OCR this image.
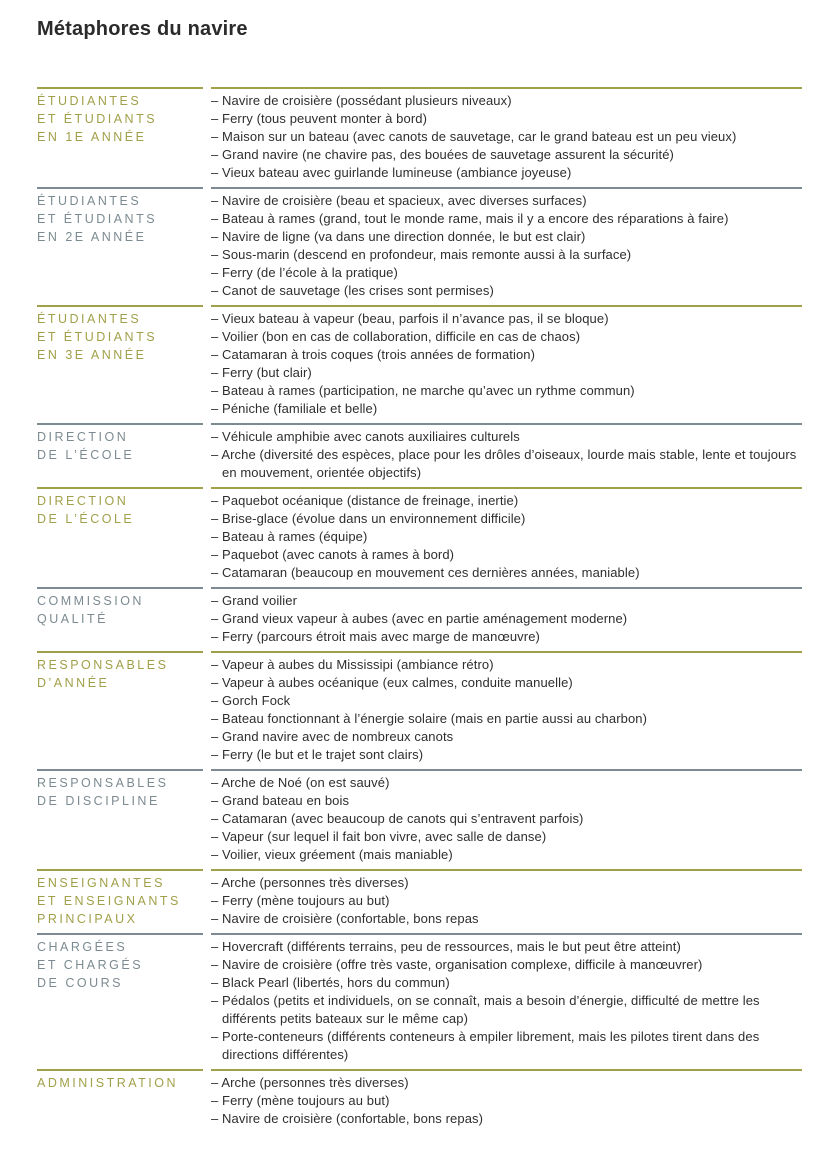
Métaphores du navire
ÉTUDIANTES
ET ÉTUDIANTS
EN 1E ANNÉE
– Navire de croisière (possédant plusieurs niveaux)
– Ferry (tous peuvent monter à bord)
– Maison sur un bateau (avec canots de sauvetage, car le grand bateau est un peu vieux)
– Grand navire (ne chavire pas, des bouées de sauvetage assurent la sécurité)
– Vieux bateau avec guirlande lumineuse (ambiance joyeuse)
ÉTUDIANTES
ET ÉTUDIANTS
EN 2E ANNÉE
– Navire de croisière (beau et spacieux, avec diverses surfaces)
– Bateau à rames (grand, tout le monde rame, mais il y a encore des réparations à faire)
– Navire de ligne (va dans une direction donnée, le but est clair)
– Sous-marin (descend en profondeur, mais remonte aussi à la surface)
– Ferry (de l’école à la pratique)
– Canot de sauvetage (les crises sont permises)
ÉTUDIANTES
ET ÉTUDIANTS
EN 3E ANNÉE
– Vieux bateau à vapeur (beau, parfois il n’avance pas, il se bloque)
– Voilier (bon en cas de collaboration, difficile en cas de chaos)
– Catamaran à trois coques (trois années de formation)
– Ferry (but clair)
– Bateau à rames (participation, ne marche qu’avec un rythme commun)
– Péniche (familiale et belle)
DIRECTION
DE L’ÉCOLE
– Véhicule amphibie avec canots auxiliaires culturels
– Arche (diversité des espèces, place pour les drôles d’oiseaux, lourde mais stable, lente et toujours en mouvement, orientée objectifs)
DIRECTION
DE L’ÉCOLE
– Paquebot océanique (distance de freinage, inertie)
– Brise-glace (évolue dans un environnement difficile)
– Bateau à rames (équipe)
– Paquebot (avec canots à rames à bord)
– Catamaran (beaucoup en mouvement ces dernières années, maniable)
COMMISSION
QUALITÉ
– Grand voilier
– Grand vieux vapeur à aubes (avec en partie aménagement moderne)
– Ferry (parcours étroit mais avec marge de manœuvre)
RESPONSABLES
D’ANNÉE
– Vapeur à aubes du Mississipi (ambiance rétro)
– Vapeur à aubes océanique (eux calmes, conduite manuelle)
– Gorch Fock
– Bateau fonctionnant à l’énergie solaire (mais en partie aussi au charbon)
– Grand navire avec de nombreux canots
– Ferry (le but et le trajet sont clairs)
RESPONSABLES
DE DISCIPLINE
– Arche de Noé (on est sauvé)
– Grand bateau en bois
– Catamaran (avec beaucoup de canots qui s’entravent parfois)
– Vapeur (sur lequel il fait bon vivre, avec salle de danse)
– Voilier, vieux gréement (mais maniable)
ENSEIGNANTES
ET ENSEIGNANTS
PRINCIPAUX
– Arche (personnes très diverses)
– Ferry (mène toujours au but)
– Navire de croisière (confortable, bons repas
CHARGÉES
ET CHARGÉS
DE COURS
– Hovercraft (différents terrains, peu de ressources, mais le but peut être atteint)
– Navire de croisière (offre très vaste, organisation complexe, difficile à manœuvrer)
– Black Pearl (libertés, hors du commun)
– Pédalos (petits et individuels, on se connaît, mais a besoin d’énergie, difficulté de mettre les différents petits bateaux sur le même cap)
– Porte-conteneurs (différents conteneurs à empiler librement, mais les pilotes tirent dans des directions différentes)
ADMINISTRATION	– Arche (personnes très diverses)
– Ferry (mène toujours au but)
– Navire de croisière (confortable, bons repas)
